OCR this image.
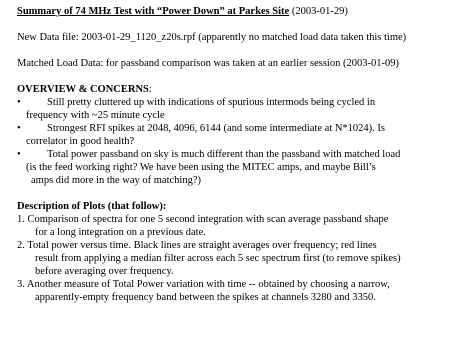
Summary of 74 MHz Test with “Power Down” at Parkes Site (2003-01-29)
New Data file: 2003-01-29_1120_z20s.rpf (apparently no matched load data taken this time)
Matched Load Data: for passband comparison was taken at an earlier session (2003-01-09)
OVERVIEW & CONCERNS:
•	Still pretty cluttered up with indications of spurious intermods being cycled in
frequency with ~25 minute cycle
•	Strongest RFI spikes at 2048, 4096, 6144 (and some intermediate at N*1024). Is
correlator in good health?
•	Total power passband on sky is much different than the passband with matched load
(is the feed working right? We have been using the MITEC amps, and maybe Bill’s
amps did more in the way of matching?)
Description of Plots (that follow):
1. Comparison of spectra for one 5 second integration with scan average passband shape
for a long integration on a previous date.
2. Total power versus time. Black lines are straight averages over frequency; red lines
result from applying a median filter across each 5 sec spectrum first (to remove spikes)
before averaging over frequency.
3. Another measure of Total Power variation with time -- obtained by choosing a narrow,
apparently-empty frequency band between the spikes at channels 3280 and 3350.
